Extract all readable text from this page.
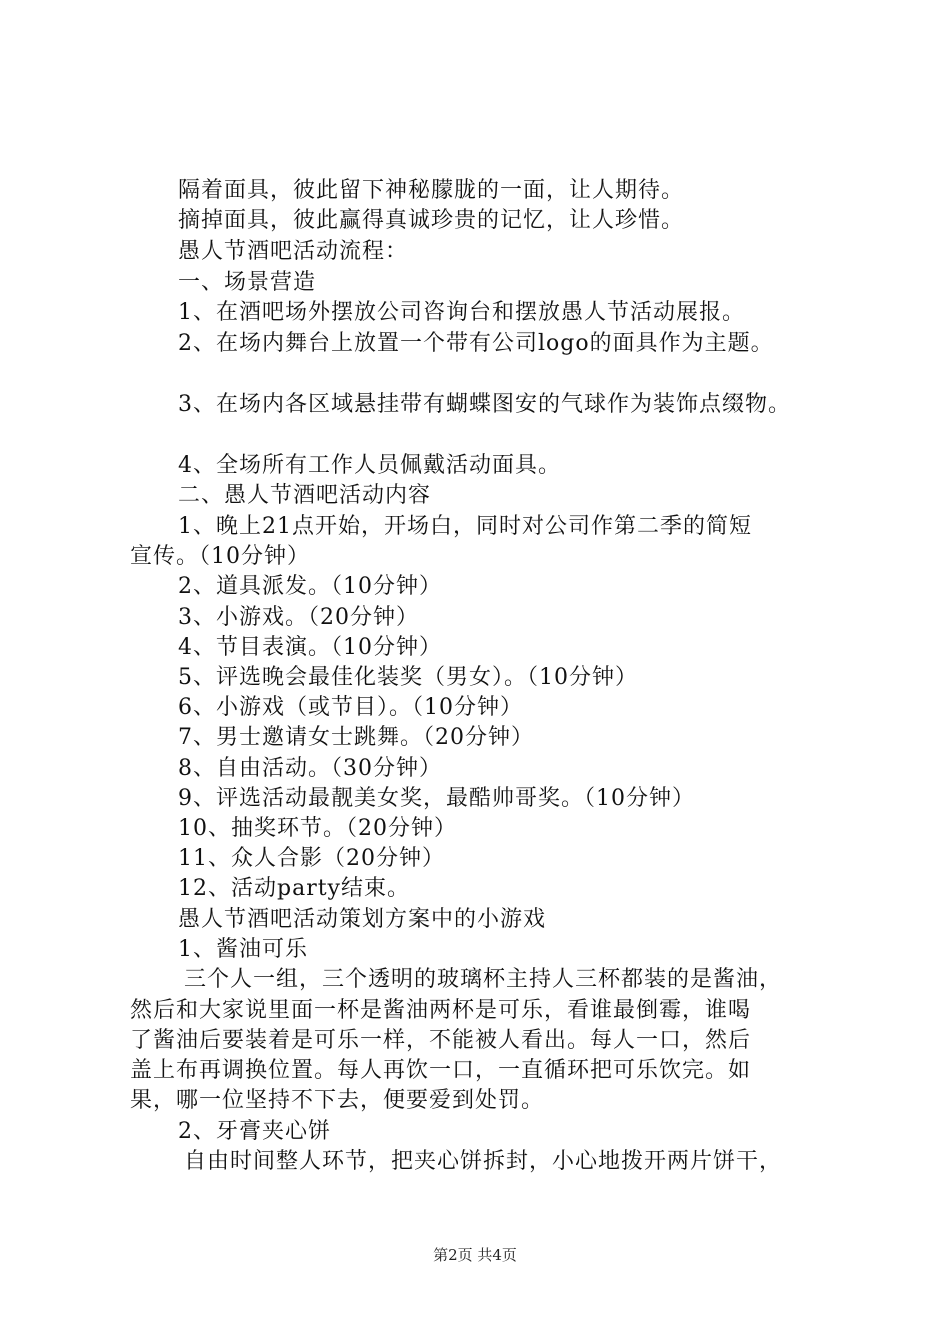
隔着面具，彼此留下神秘朦胧的一面，让人期待。
摘掉面具，彼此赢得真诚珍贵的记忆，让人珍惜。
愚人节酒吧活动流程：
一、场景营造
1、在酒吧场外摆放公司咨询台和摆放愚人节活动展报。
2、在场内舞台上放置一个带有公司logo的面具作为主题。
3、在场内各区域悬挂带有蝴蝶图安的气球作为装饰点缀物。
4、全场所有工作人员佩戴活动面具。
二、愚人节酒吧活动内容
1、晚上21点开始，开场白，同时对公司作第二季的简短
宣传。（10分钟）
2、道具派发。（10分钟）
3、小游戏。（20分钟）
4、节目表演。（10分钟）
5、评选晚会最佳化装奖（男女）。（10分钟）
6、小游戏（或节目）。（10分钟）
7、男士邀请女士跳舞。（20分钟）
8、自由活动。（30分钟）
9、评选活动最靓美女奖，最酷帅哥奖。（10分钟）
10、抽奖环节。（20分钟）
11、众人合影（20分钟）
12、活动party结束。
愚人节酒吧活动策划方案中的小游戏
1、酱油可乐
三个人一组，三个透明的玻璃杯主持人三杯都装的是酱油，
然后和大家说里面一杯是酱油两杯是可乐，看谁最倒霉，谁喝
了酱油后要装着是可乐一样，不能被人看出。每人一口，然后
盖上布再调换位置。每人再饮一口，一直循环把可乐饮完。如
果，哪一位坚持不下去，便要爱到处罚。
2、牙膏夹心饼
自由时间整人环节，把夹心饼拆封，小心地拨开两片饼干，
第2页 共4页
